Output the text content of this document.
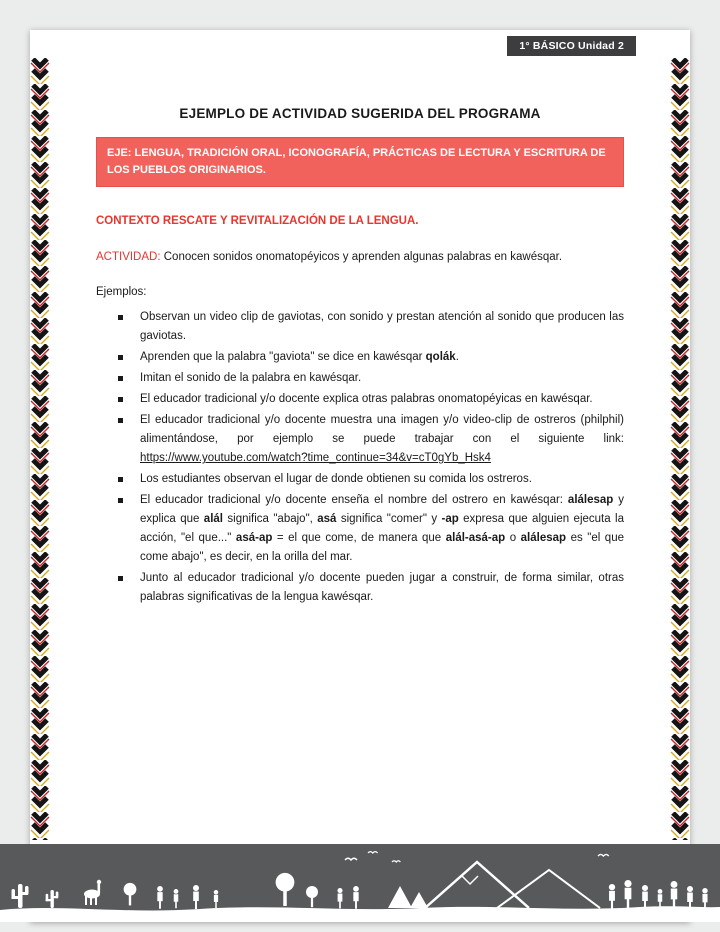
1° BÁSICO Unidad 2
EJEMPLO DE ACTIVIDAD SUGERIDA DEL PROGRAMA
EJE: LENGUA, TRADICIÓN ORAL, ICONOGRAFÍA, PRÁCTICAS DE LECTURA Y ESCRITURA DE LOS PUEBLOS ORIGINARIOS.
CONTEXTO RESCATE Y REVITALIZACIÓN DE LA LENGUA.

ACTIVIDAD: Conocen sonidos onomatopéyicos y aprenden algunas palabras en kawésqar.

Ejemplos:

Observan un video clip de gaviotas, con sonido y prestan atención al sonido que producen las gaviotas.
Aprenden que la palabra "gaviota" se dice en kawésqar qolák.
Imitan el sonido de la palabra en kawésqar.
El educador tradicional y/o docente explica otras palabras onomatopéyicas en kawésqar.
El educador tradicional y/o docente muestra una imagen y/o video-clip de ostreros (philphil) alimentándose, por ejemplo se puede trabajar con el siguiente link: https://www.youtube.com/watch?time_continue=34&v=cT0gYb_Hsk4
Los estudiantes observan el lugar de donde obtienen su comida los ostreros.
El educador tradicional y/o docente enseña el nombre del ostrero en kawésqar: alálesap y explica que alál significa "abajo", asá significa "comer" y -ap expresa que alguien ejecuta la acción, "el que..." asá-ap = el que come, de manera que alál-asá-ap o alálesap es "el que come abajo", es decir, en la orilla del mar.
Junto al educador tradicional y/o docente pueden jugar a construir, de forma similar, otras palabras significativas de la lengua kawésqar.
